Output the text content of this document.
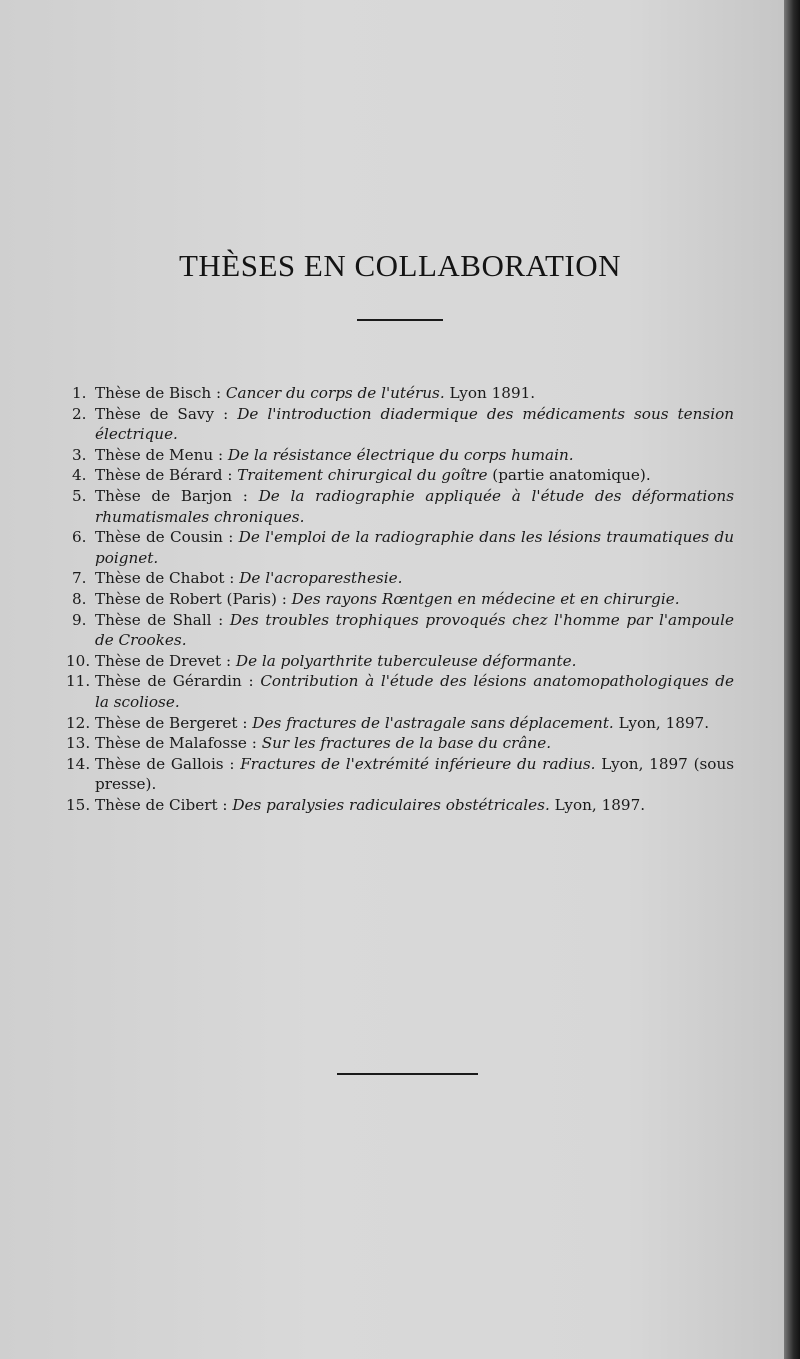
THÈSES EN COLLABORATION
1. Thèse de Bisch : Cancer du corps de l'utérus. Lyon 1891.
2. Thèse de Savy : De l'introduction diadermique des médicaments sous tension électrique.
3. Thèse de Menu : De la résistance électrique du corps humain.
4. Thèse de Bérard : Traitement chirurgical du goître (partie anatomique).
5. Thèse de Barjon : De la radiographie appliquée à l'étude des déformations rhumatismales chroniques.
6. Thèse de Cousin : De l'emploi de la radiographie dans les lésions traumatiques du poignet.
7. Thèse de Chabot : De l'acroparesthesie.
8. Thèse de Robert (Paris) : Des rayons Rœntgen en médecine et en chirurgie.
9. Thèse de Shall : Des troubles trophiques provoqués chez l'homme par l'ampoule de Crookes.
10. Thèse de Drevet : De la polyarthrite tuberculeuse déformante.
11. Thèse de Gérardin : Contribution à l'étude des lésions anatomopathologiques de la scoliose.
12. Thèse de Bergeret : Des fractures de l'astragale sans déplacement. Lyon, 1897.
13. Thèse de Malafosse : Sur les fractures de la base du crâne.
14. Thèse de Gallois : Fractures de l'extrémité inférieure du radius. Lyon, 1897 (sous presse).
15. Thèse de Cibert : Des paralysies radiculaires obstétricales. Lyon, 1897.
